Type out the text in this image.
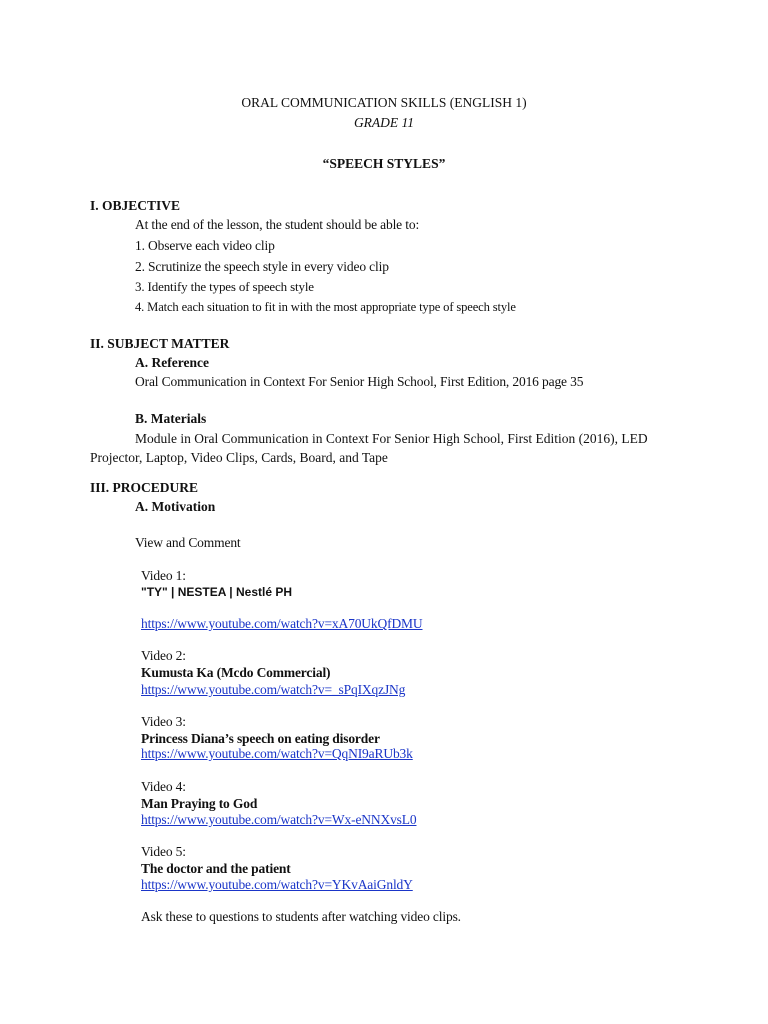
ORAL COMMUNICATION SKILLS (ENGLISH 1)
GRADE 11
“SPEECH STYLES”
I. OBJECTIVE
At the end of the lesson, the student should be able to:
1. Observe each video clip
2. Scrutinize the speech style in every video clip
3. Identify the types of speech style
4. Match each situation to fit in with the most appropriate type of speech style
II. SUBJECT MATTER
A. Reference
Oral Communication in Context For Senior High School, First Edition, 2016 page 35
B. Materials
Module in Oral Communication in Context For Senior High School, First Edition (2016), LED Projector, Laptop, Video Clips, Cards, Board, and Tape
III. PROCEDURE
A. Motivation
View and Comment
Video 1:
"TY" | NESTEA | Nestlé PH
https://www.youtube.com/watch?v=xA70UkQfDMU
Video 2:
Kumusta Ka (Mcdo Commercial)
https://www.youtube.com/watch?v=_sPqIXqzJNg
Video 3:
Princess Diana’s speech on eating disorder
https://www.youtube.com/watch?v=QqNI9aRUb3k
Video 4:
Man Praying to God
https://www.youtube.com/watch?v=Wx-eNNXvsL0
Video 5:
The doctor and the patient
https://www.youtube.com/watch?v=YKvAaiGnldY
Ask these to questions to students after watching video clips.
